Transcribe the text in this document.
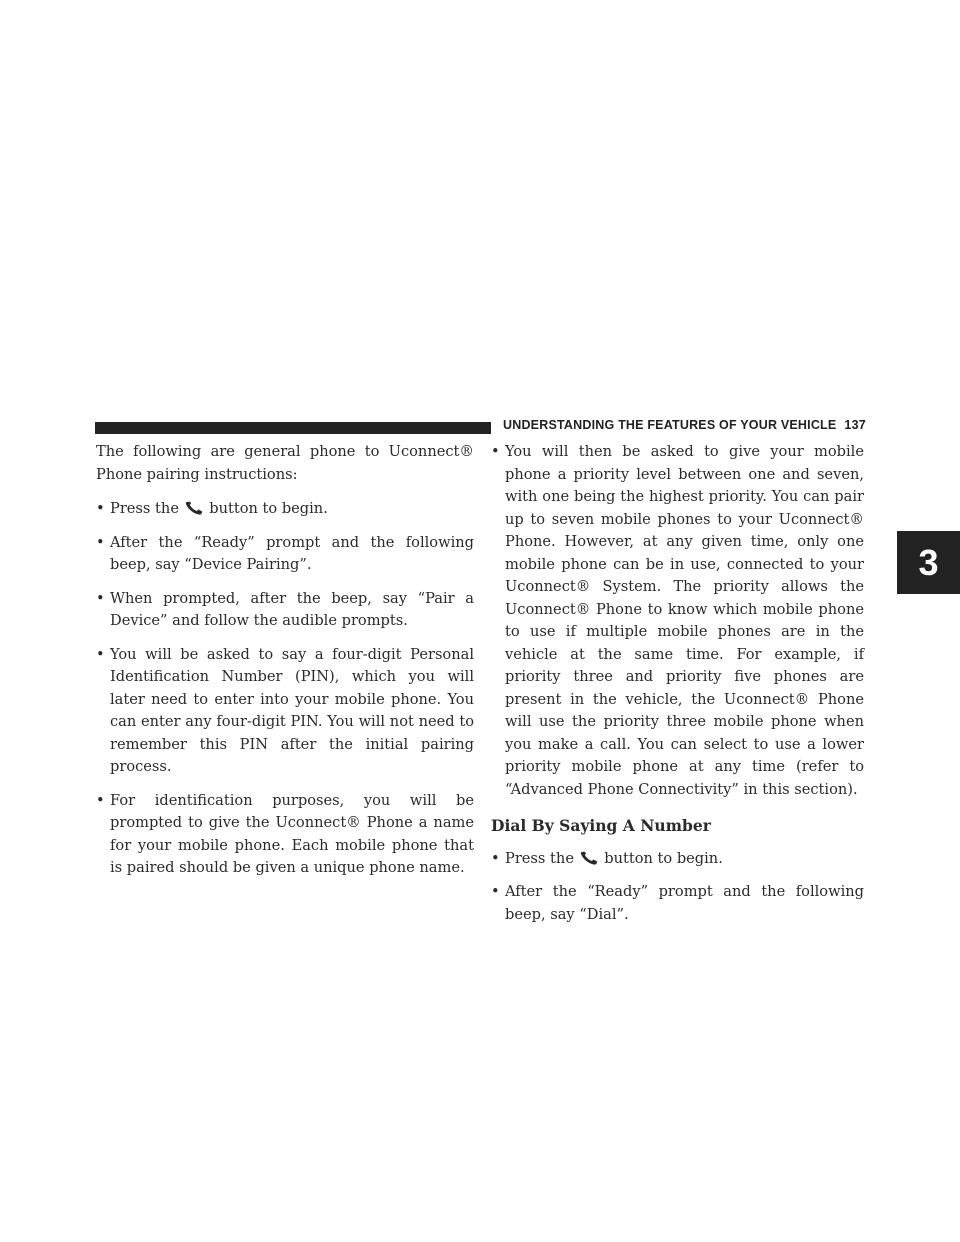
UNDERSTANDING THE FEATURES OF YOUR VEHICLE 137
3

The following are general phone to Uconnect® Phone pairing instructions:

• Press the button to begin.
• After the “Ready” prompt and the following beep, say “Device Pairing”.
• When prompted, after the beep, say “Pair a Device” and follow the audible prompts.
• You will be asked to say a four-digit Personal Identification Number (PIN), which you will later need to enter into your mobile phone. You can enter any four-digit PIN. You will not need to remember this PIN after the initial pairing process.
• For identification purposes, you will be prompted to give the Uconnect® Phone a name for your mobile phone. Each mobile phone that is paired should be given a unique phone name.
• You will then be asked to give your mobile phone a priority level between one and seven, with one being the highest priority. You can pair up to seven mobile phones to your Uconnect® Phone. However, at any given time, only one mobile phone can be in use, connected to your Uconnect® System. The priority allows the Uconnect® Phone to know which mobile phone to use if multiple mobile phones are in the vehicle at the same time. For example, if priority three and priority five phones are present in the vehicle, the Uconnect® Phone will use the priority three mobile phone when you make a call. You can select to use a lower priority mobile phone at any time (refer to “Advanced Phone Connectivity” in this section).
Dial By Saying A Number
• Press the button to begin.
• After the “Ready” prompt and the following beep, say “Dial”.
